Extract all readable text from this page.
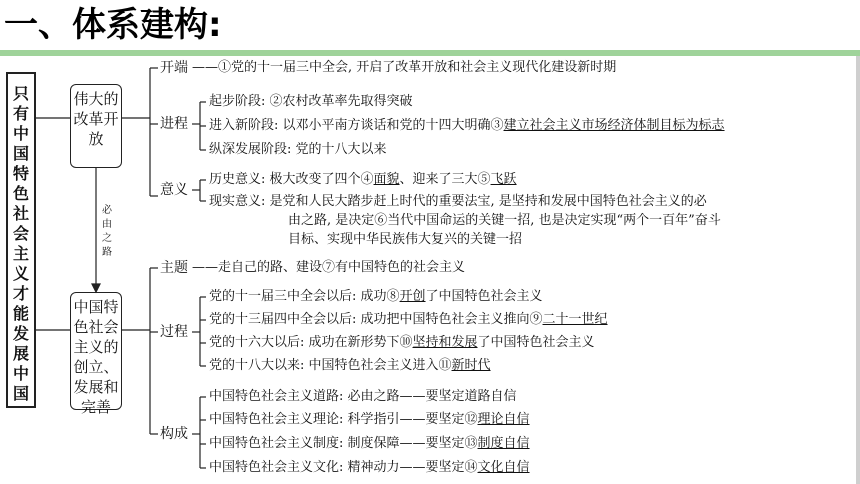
一、体系建构:
只
有
中
国
特
色
社
会
主
义
才
能
发
展
中
国
伟大的改革开放
中国特色社会主义的创立、发展和完善
必
由
之
路
开端 ——①党的十一届三中全会, 开启了改革开放和社会主义现代化建设新时期
进程
起步阶段: ②农村改革率先取得突破
进入新阶段: 以邓小平南方谈话和党的十四大明确③建立社会主义市场经济体制目标为标志
纵深发展阶段: 党的十八大以来
意义
历史意义: 极大改变了四个④面貌、迎来了三大⑤飞跃
现实意义: 是党和人民大踏步赶上时代的重要法宝, 是坚持和发展中国特色社会主义的必
由之路, 是决定⑥当代中国命运的关键一招, 也是决定实现“两个一百年”奋斗
目标、实现中华民族伟大复兴的关键一招
主题 ——走自己的路、建设⑦有中国特色的社会主义
过程
党的十一届三中全会以后: 成功⑧开创了中国特色社会主义
党的十三届四中全会以后: 成功把中国特色社会主义推向⑨二十一世纪
党的十六大以后: 成功在新形势下⑩坚持和发展了中国特色社会主义
党的十八大以来: 中国特色社会主义进入⑪新时代
构成
中国特色社会主义道路: 必由之路——要坚定道路自信
中国特色社会主义理论: 科学指引——要坚定⑫理论自信
中国特色社会主义制度: 制度保障——要坚定⑬制度自信
中国特色社会主义文化: 精神动力——要坚定⑭文化自信
